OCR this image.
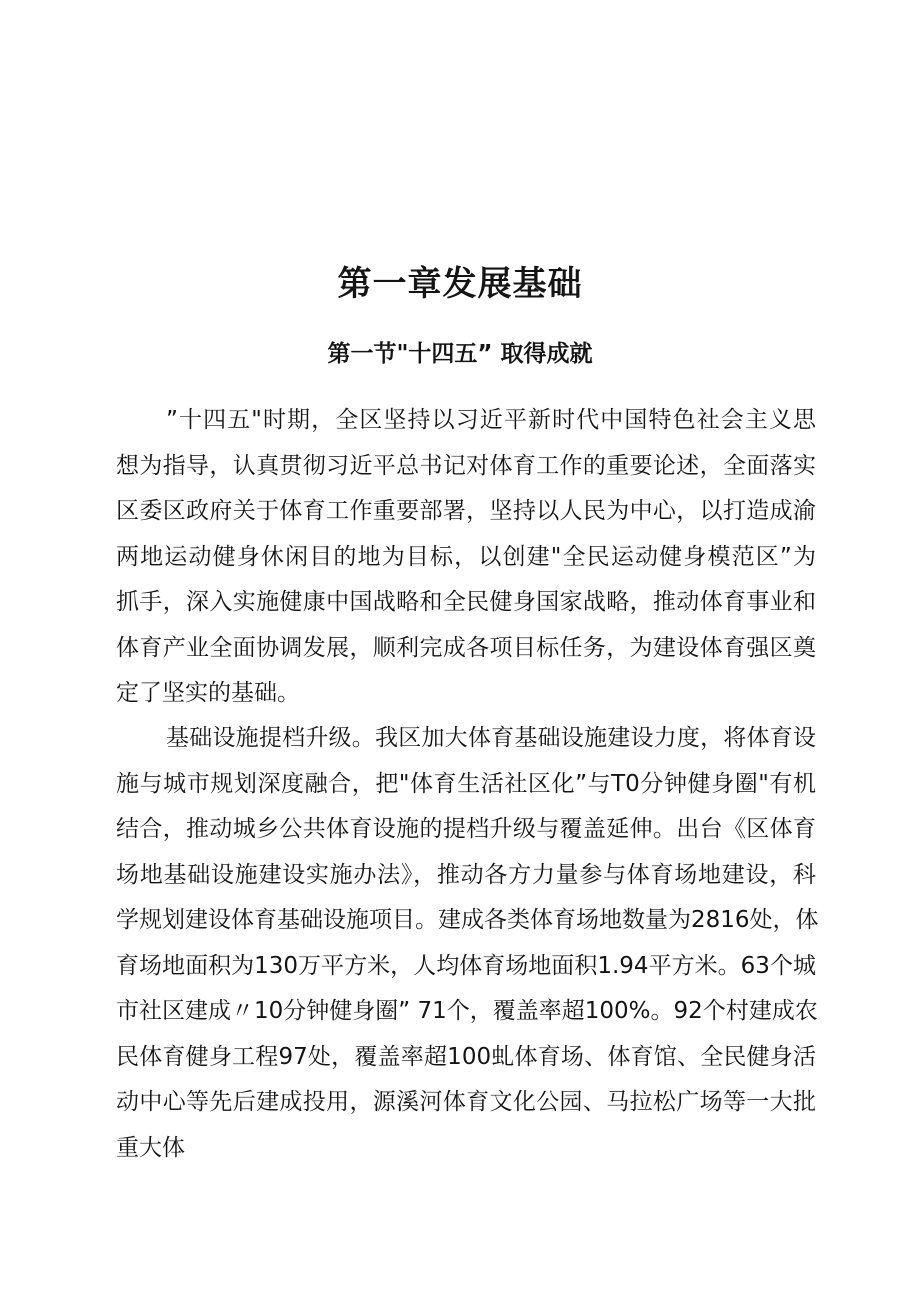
第一章发展基础
第一节"十四五” 取得成就
”十四五"时期，全区坚持以习近平新时代中国特色社会主义思
想为指导，认真贯彻习近平总书记对体育工作的重要论述，全面落实
区委区政府关于体育工作重要部署，坚持以人民为中心，以打造成渝
两地运动健身休闲目的地为目标，以创建"全民运动健身模范区”为
抓手，深入实施健康中国战略和全民健身国家战略，推动体育事业和
体育产业全面协调发展，顺利完成各项目标任务，为建设体育强区奠
定了坚实的基础。
基础设施提档升级。我区加大体育基础设施建设力度，将体育设
施与城市规划深度融合，把"体育生活社区化”与T0分钟健身圈"有机
结合，推动城乡公共体育设施的提档升级与覆盖延伸。出台《区体育
场地基础设施建设实施办法》，推动各方力量参与体育场地建设，科
学规划建设体育基础设施项目。建成各类体育场地数量为2816处，体
育场地面积为130万平方米，人均体育场地面积1.94平方米。63个城
市社区建成〃10分钟健身圈” 71个，覆盖率超100%。92个村建成农
民体育健身工程97处，覆盖率超100虬体育场、体育馆、全民健身活
动中心等先后建成投用，源溪河体育文化公园、马拉松广场等一大批
重大体
